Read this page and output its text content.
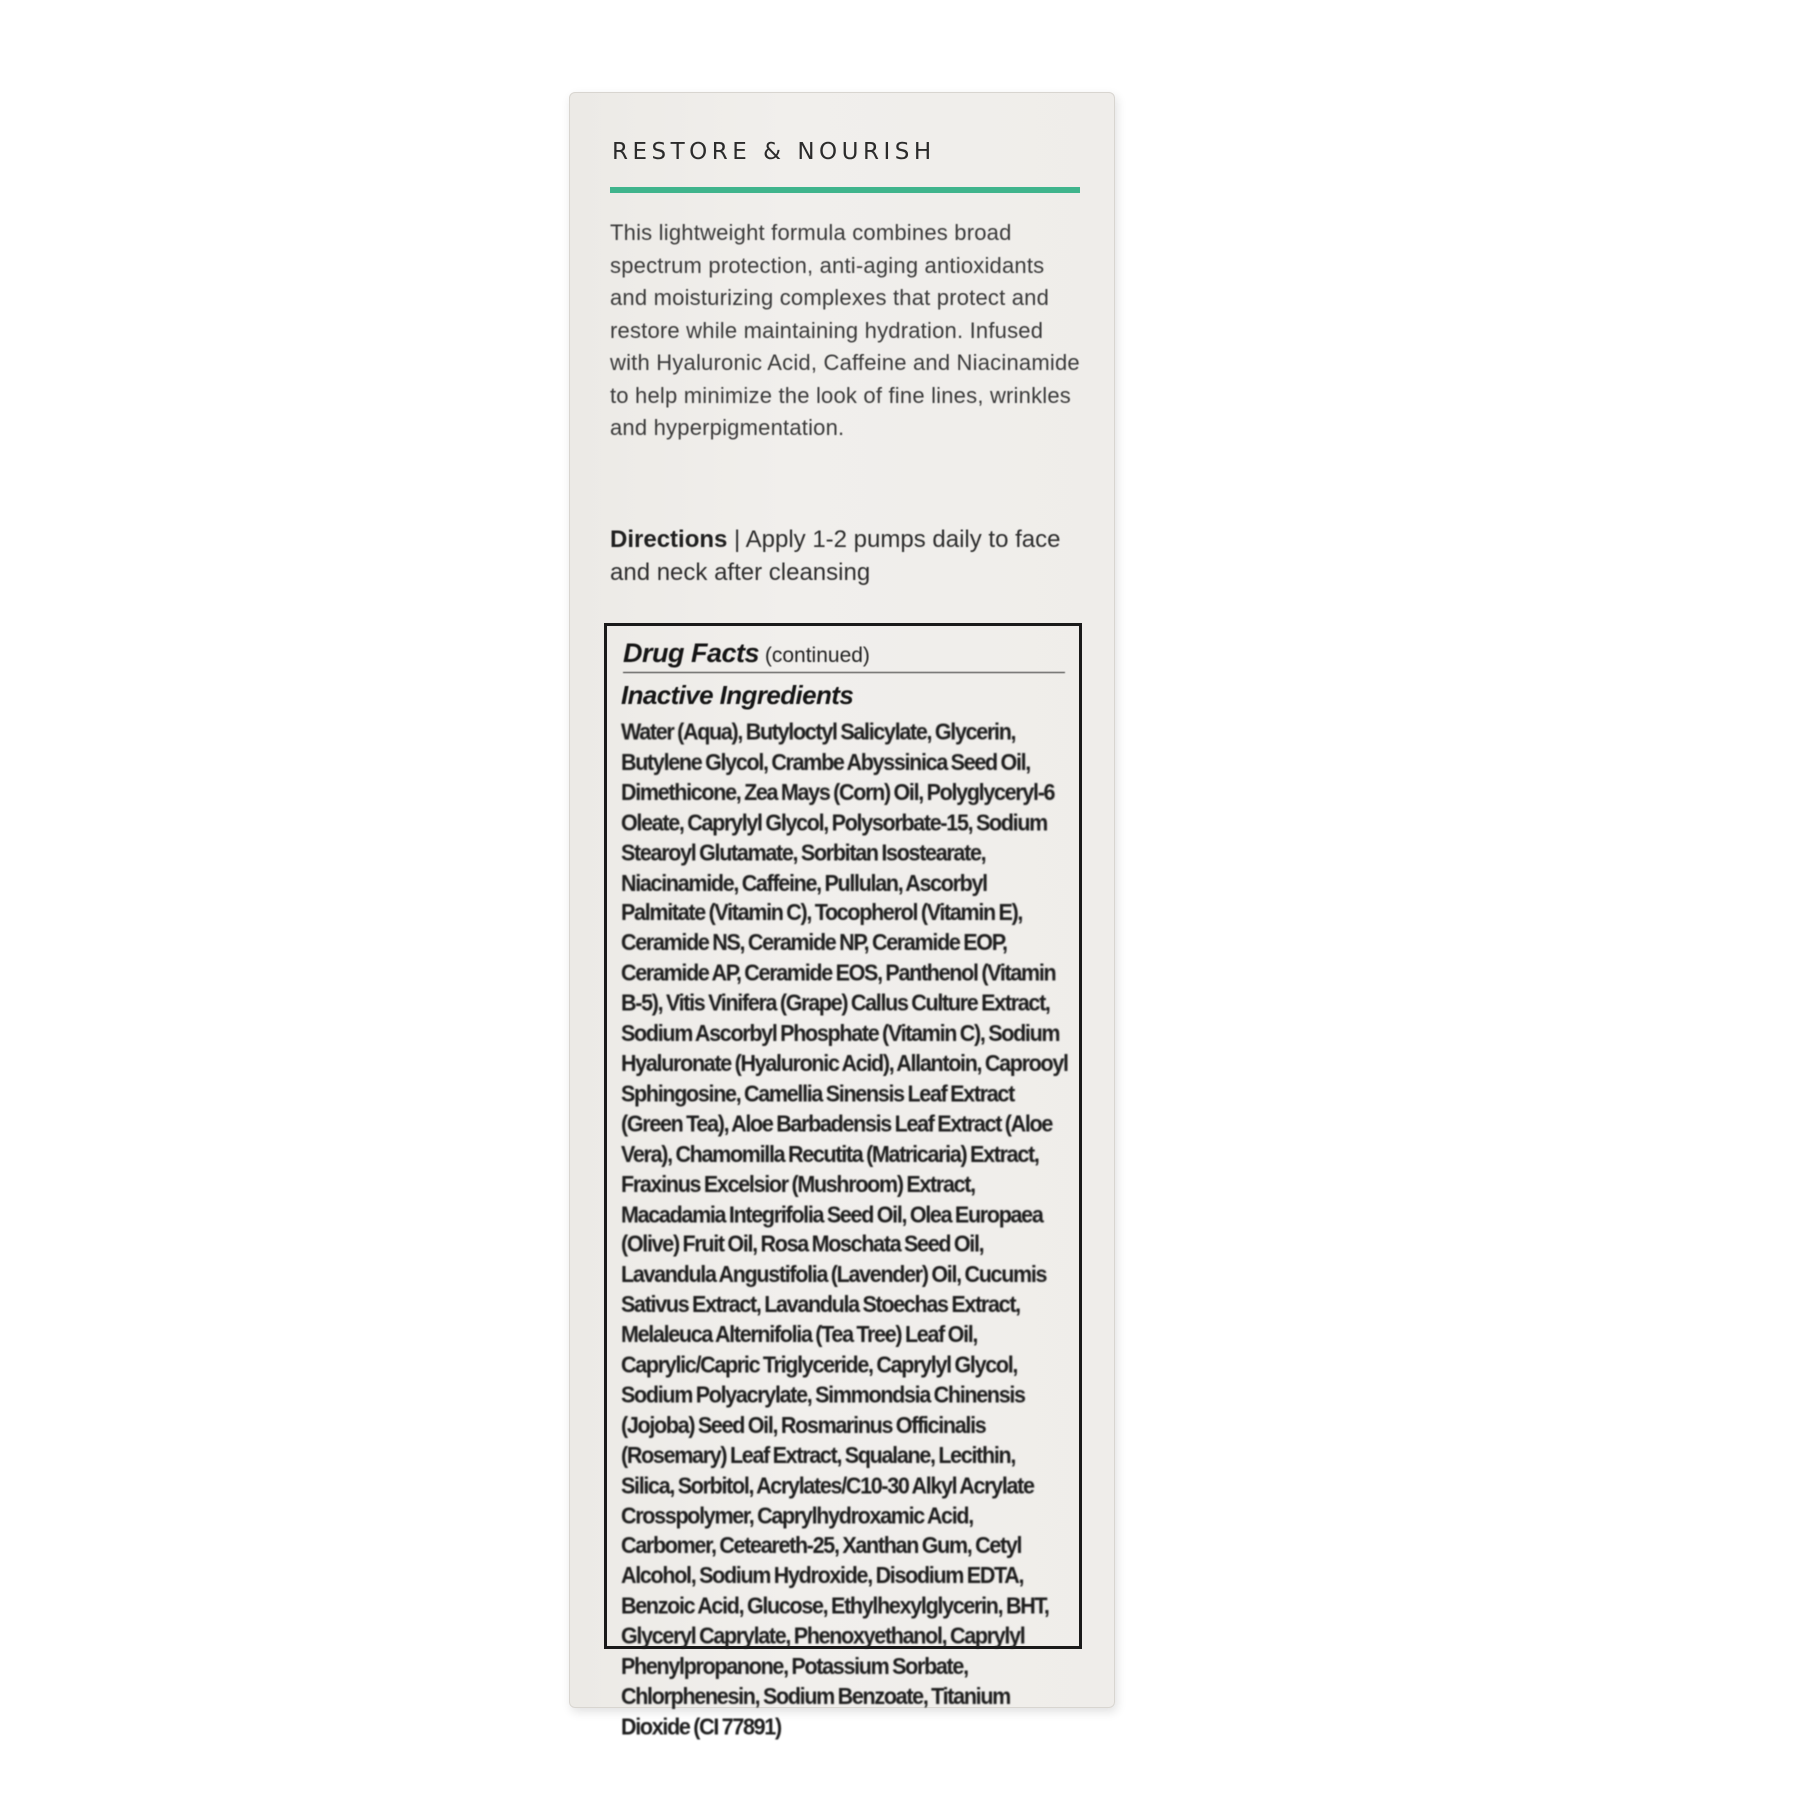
RESTORE & NOURISH
This lightweight formula combines broad spectrum protection, anti-aging antioxidants and moisturizing complexes that protect and restore while maintaining hydration. Infused with Hyaluronic Acid, Caffeine and Niacinamide to help minimize the look of fine lines, wrinkles and hyperpigmentation.
Directions | Apply 1-2 pumps daily to face and neck after cleansing
Drug Facts (continued)
Inactive Ingredients
Water (Aqua), Butyloctyl Salicylate, Glycerin, Butylene Glycol, Crambe Abyssinica Seed Oil, Dimethicone, Zea Mays (Corn) Oil, Polyglyceryl-6 Oleate, Caprylyl Glycol, Polysorbate-15, Sodium Stearoyl Glutamate, Sorbitan Isostearate, Niacinamide, Caffeine, Pullulan, Ascorbyl Palmitate (Vitamin C), Tocopherol (Vitamin E), Ceramide NS, Ceramide NP, Ceramide EOP, Ceramide AP, Ceramide EOS, Panthenol (Vitamin B-5), Vitis Vinifera (Grape) Callus Culture Extract, Sodium Ascorbyl Phosphate (Vitamin C), Sodium Hyaluronate (Hyaluronic Acid), Allantoin, Caprooyl Sphingosine, Camellia Sinensis Leaf Extract (Green Tea), Aloe Barbadensis Leaf Extract (Aloe Vera), Chamomilla Recutita (Matricaria) Extract, Fraxinus Excelsior (Mushroom) Extract, Macadamia Integrifolia Seed Oil, Olea Europaea (Olive) Fruit Oil, Rosa Moschata Seed Oil, Lavandula Angustifolia (Lavender) Oil, Cucumis Sativus Extract, Lavandula Stoechas Extract, Melaleuca Alternifolia (Tea Tree) Leaf Oil, Caprylic/Capric Triglyceride, Caprylyl Glycol, Sodium Polyacrylate, Simmondsia Chinensis (Jojoba) Seed Oil, Rosmarinus Officinalis (Rosemary) Leaf Extract, Squalane, Lecithin, Silica, Sorbitol, Acrylates/C10-30 Alkyl Acrylate Crosspolymer, Caprylhydroxamic Acid, Carbomer, Ceteareth-25, Xanthan Gum, Cetyl Alcohol, Sodium Hydroxide, Disodium EDTA, Benzoic Acid, Glucose, Ethylhexylglycerin, BHT, Glyceryl Caprylate, Phenoxyethanol, Caprylyl Phenylpropanone, Potassium Sorbate, Chlorphenesin, Sodium Benzoate, Titanium Dioxide (CI 77891)
